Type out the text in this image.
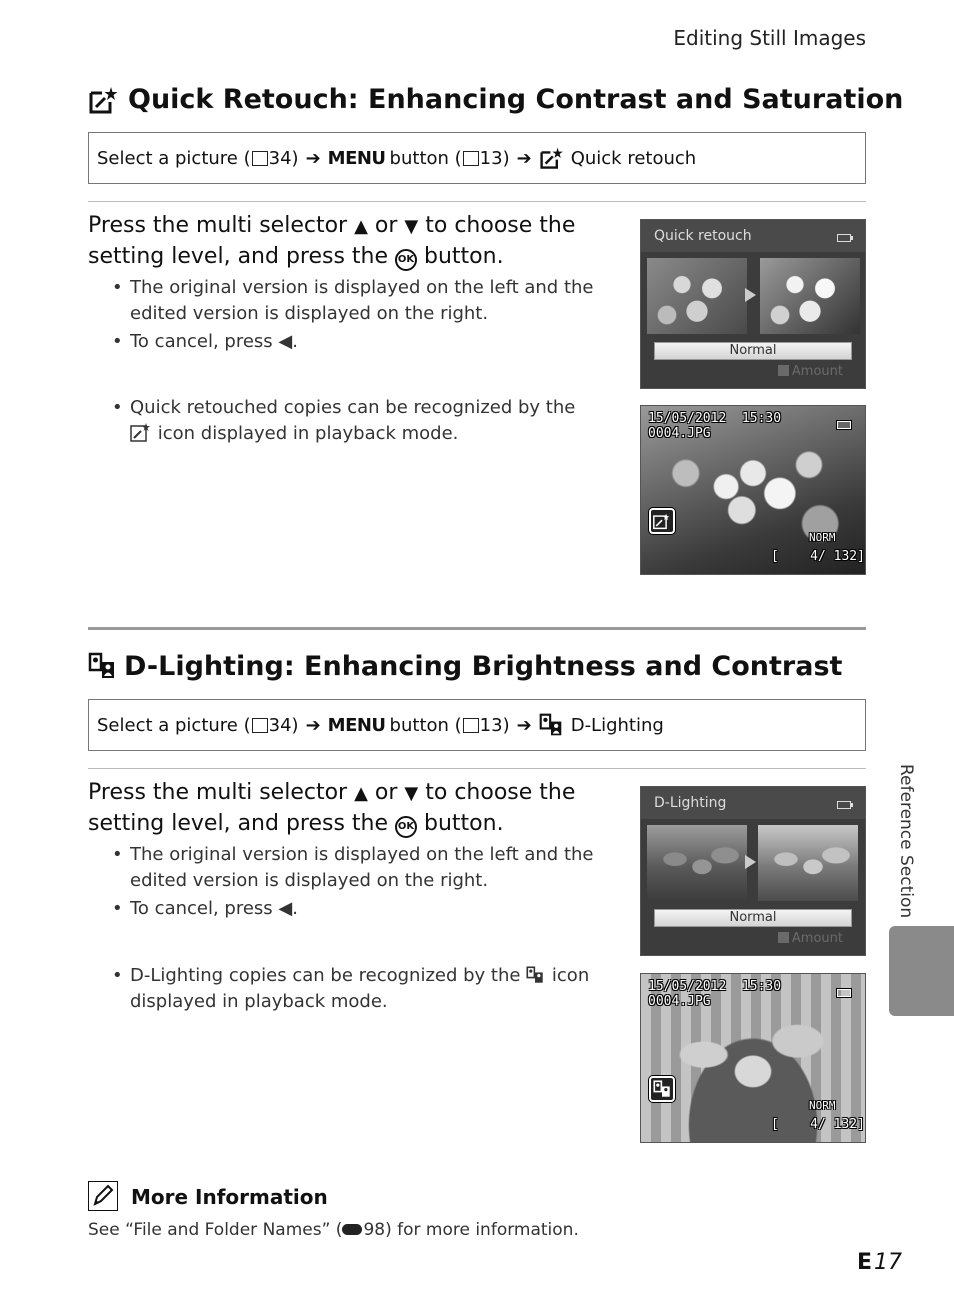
Editing Still Images
Quick Retouch: Enhancing Contrast and Saturation
Select a picture ( 34 ) ➔ MENU button ( 13 ) ➔ Quick retouch
Press the multi selector ▲ or ▼ to choose the setting level, and press the OK button.
• The original version is displayed on the left and the edited version is displayed on the right.
• To cancel, press ◀.
• Quick retouched copies can be recognized by the  icon displayed in playback mode.
Quick retouch
Normal
Amount
15/05/2012  15:30
0004.JPG
NORM
[    4/ 132]
D-Lighting: Enhancing Brightness and Contrast
Select a picture ( 34 ) ➔ MENU button ( 13 ) ➔ D-Lighting
Press the multi selector ▲ or ▼ to choose the setting level, and press the OK button.
• The original version is displayed on the left and the edited version is displayed on the right.
• To cancel, press ◀.
• D-Lighting copies can be recognized by the  icon displayed in playback mode.
D-Lighting
Normal
Amount
15/05/2012  15:30
0004.JPG
NORM
[    4/ 132]
Reference Section
More Information
See “File and Folder Names” ( 98) for more information.
E17
